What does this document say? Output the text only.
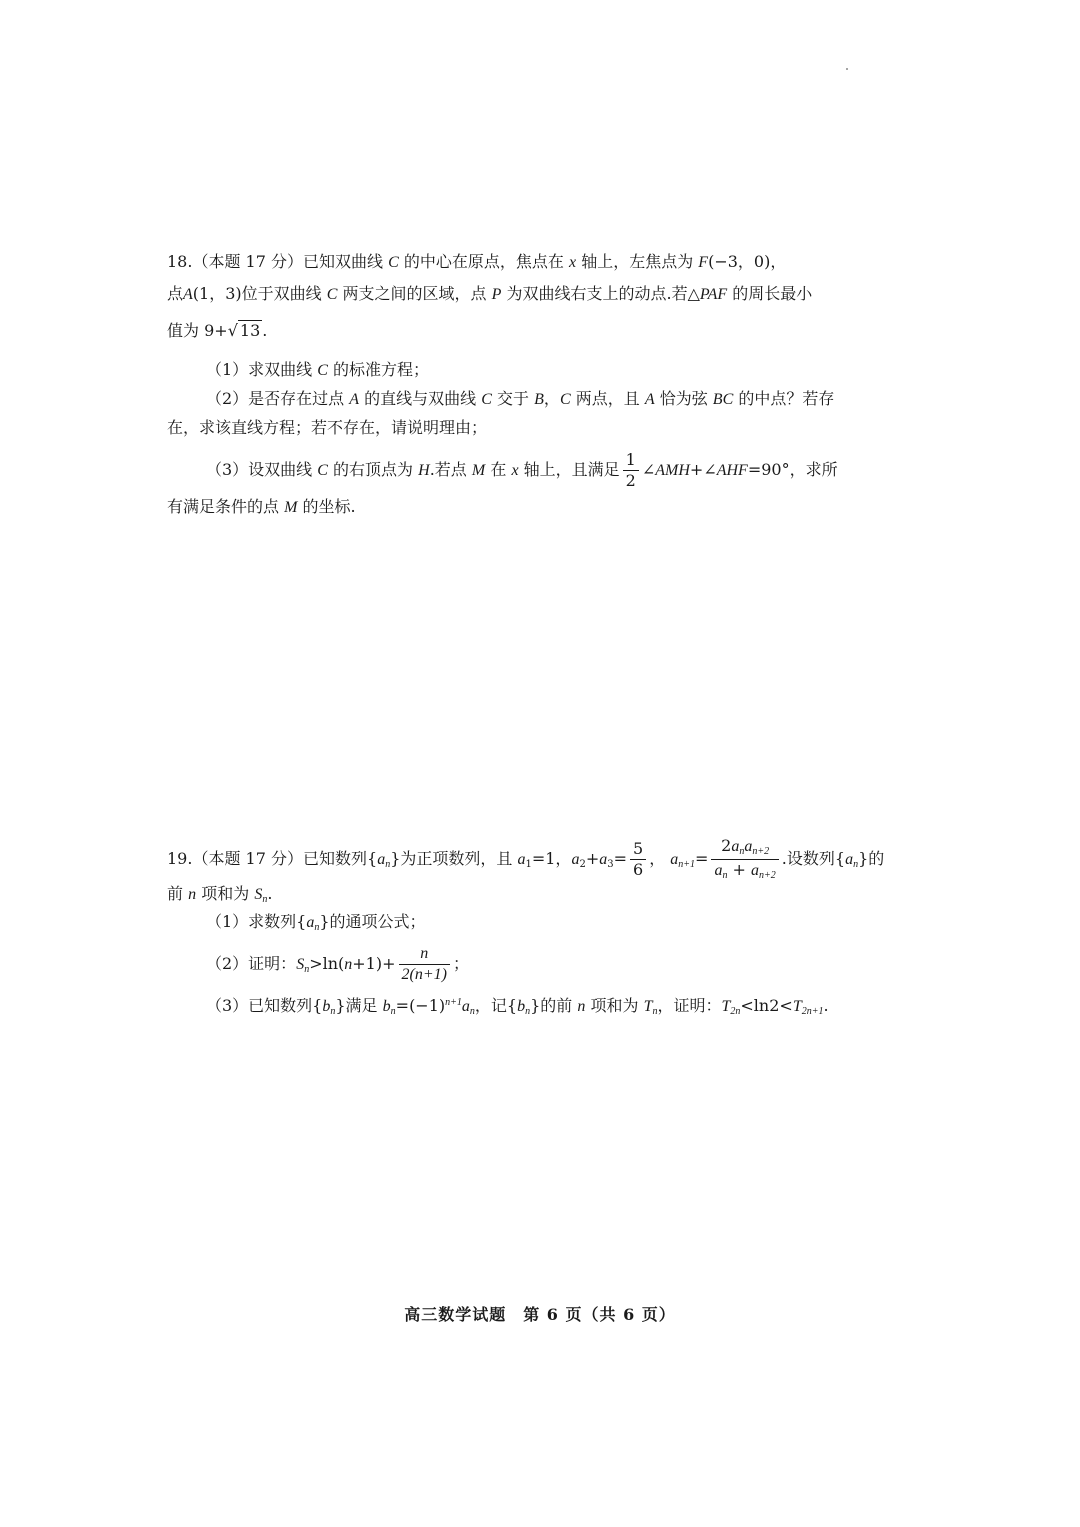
18.（本题 17 分）已知双曲线 C 的中心在原点，焦点在 x 轴上，左焦点为 F(−3，0)，
点A(1，3)位于双曲线 C 两支之间的区域，点 P 为双曲线右支上的动点.若△PAF 的周长最小
值为 9+√ 13 .
（1）求双曲线 C 的标准方程；
（2）是否存在过点 A 的直线与双曲线 C 交于 B，C 两点，且 A 恰为弦 BC 的中点？若存
在，求该直线方程；若不存在，请说明理由；
（3）设双曲线 C 的右顶点为 H.若点 M 在 x 轴上，且满足 $\frac{1}{2}$ ∠AMH+∠AHF=90°，求所
有满足条件的点 M 的坐标.
19.（本题 17 分）已知数列$\{a_n\}$为正项数列，且 $a_1=1$，$a_2+a_3= \frac{5}{6}$ ， $a_{n+1}= \frac{2a_na_{n+2}}{a_n + a_{n+2}}$ .设数列$\{a_n\}$的
前 n 项和为 $S_n$.
（1）求数列$\{a_n\}$的通项公式；
（2）证明：$S_n>\ln(n+1)+ \frac{n}{2(n+1)}$ ；
（3）已知数列$\{b_n\}$满足 $b_n=(-1)^{n+1}a_n$，记$\{b_n\}$的前 n 项和为 $T_n$，证明：$T_{2n}<\ln 2<T_{2n+1}$.
高三数学试题　第 6 页（共 6 页）
